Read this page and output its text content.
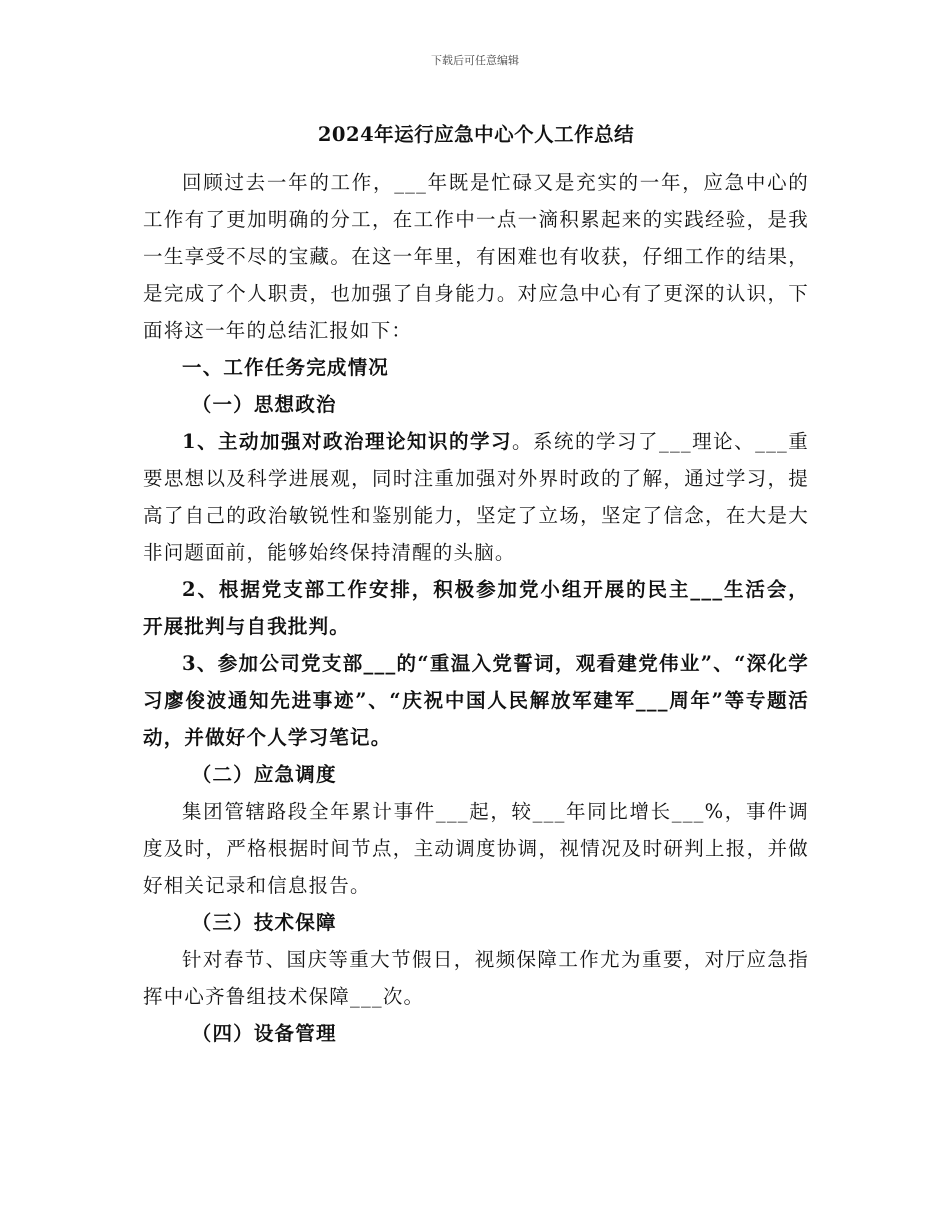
下载后可任意编辑
2024年运行应急中心个人工作总结

回顾过去一年的工作，___年既是忙碌又是充实的一年，应急中心的工作有了更加明确的分工，在工作中一点一滴积累起来的实践经验，是我一生享受不尽的宝藏。在这一年里，有困难也有收获，仔细工作的结果，是完成了个人职责，也加强了自身能力。对应急中心有了更深的认识，下面将这一年的总结汇报如下：

一、工作任务完成情况

（一）思想政治

1、主动加强对政治理论知识的学习。系统的学习了___理论、___重要思想以及科学进展观，同时注重加强对外界时政的了解，通过学习，提高了自己的政治敏锐性和鉴别能力，坚定了立场，坚定了信念，在大是大非问题面前，能够始终保持清醒的头脑。

2、根据党支部工作安排，积极参加党小组开展的民主___生活会，开展批判与自我批判。

3、参加公司党支部___的“重温入党誓词，观看建党伟业”、“深化学习廖俊波通知先进事迹”、“庆祝中国人民解放军建军___周年”等专题活动，并做好个人学习笔记。

（二）应急调度

集团管辖路段全年累计事件___起，较___年同比增长___%，事件调度及时，严格根据时间节点，主动调度协调，视情况及时研判上报，并做好相关记录和信息报告。

（三）技术保障

针对春节、国庆等重大节假日，视频保障工作尤为重要，对厅应急指挥中心齐鲁组技术保障___次。

（四）设备管理
